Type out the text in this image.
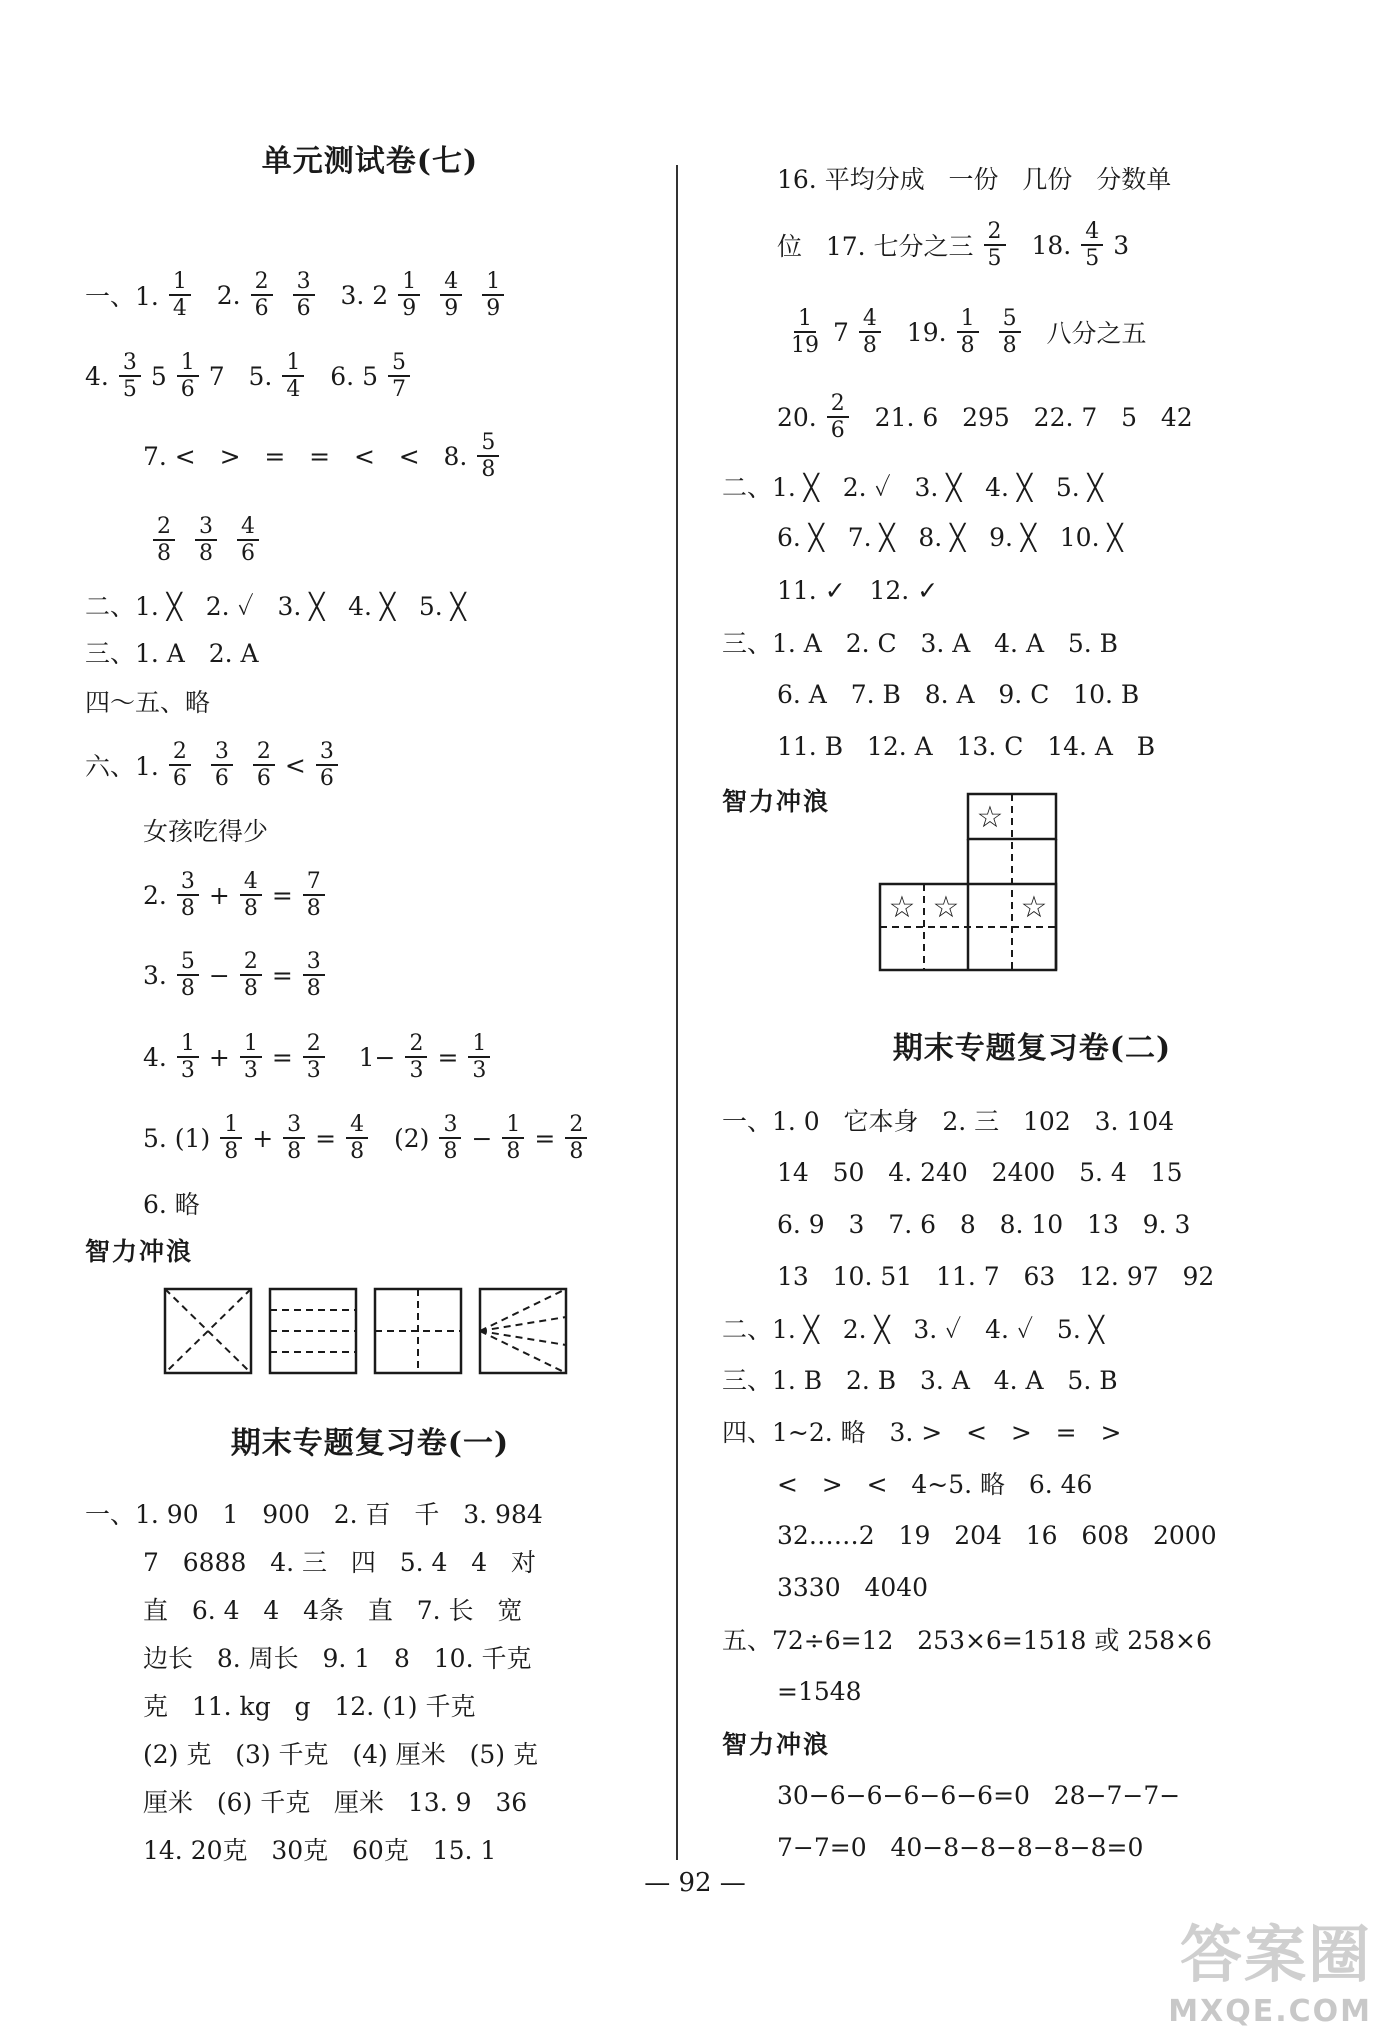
单元测试卷(七)
一、1. $\frac{1}{4} 2$. $\frac{2}{6} \frac{3}{6} 3$. $2 \frac{1}{9} \frac{4}{9} \frac{1}{9}$
4. $\frac{3}{5} 5 \frac{1}{6} 7$   5. $\frac{1}{4} 6$. $5 \frac{5}{7}$
7. <   >   =   =   <   <   8. $\frac{5}{8}$
$\frac{2}{8} \frac{3}{8} \frac{4}{6}$
二、1. ╳   2. ✓   3. ╳   4. ╳   5. ╳
三、1. A   2. A
四～五、略
六、1. $\frac{2}{6} \frac{3}{6} \frac{2}{6} < \frac{3}{6}$
女孩吃得少
2. $\frac{3}{8} + \frac{4}{8} = \frac{7}{8}$
3. $\frac{5}{8} - \frac{2}{8} = \frac{3}{8}$
4. $\frac{1}{3} + \frac{1}{3} = \frac{2}{3} 1- \frac{2}{3} = \frac{1}{3}$
5. $(1) \frac{1}{8} + \frac{3}{8} = \frac{4}{8} (2) \frac{3}{8} - \frac{1}{8} = \frac{2}{8}$
6. 略
智力冲浪
期末专题复习卷(一)
一、1. 90   1   900   2. 百   千   3. 984
7   6888   4. 三   四   5. 4   4   对
直   6. 4   4   4条   直   7. 长   宽
边长   8. 周长   9. 1   8   10. 千克
克   11. kg   g   12. (1) 千克
(2) 克   (3) 千克   (4) 厘米   (5) 克
厘米   (6) 千克   厘米   13. 9   36
14. 20克   30克   60克   15. 1
16. 平均分成   一份   几份   分数单
位   17. 七分之三 $\frac{2}{5} 18$. $\frac{4}{5} 3$
$\frac{1}{19} 7 \frac{4}{8} 19$. $\frac{1}{8} \frac{5}{8}$ 八分之五
20. $\frac{2}{6} 21$. 6   295   22. 7   5   42
二、1. ╳   2. ✓   3. ╳   4. ╳   5. ╳
6. ╳   7. ╳   8. ╳   9. ╳   10. ╳
11. ✓   12. ✓
三、1. A   2. C   3. A   4. A   5. B
6. A   7. B   8. A   9. C   10. B
11. B   12. A   13. C   14. A   B
智力冲浪	☆
☆ ☆ ☆
期末专题复习卷(二)
一、1. 0   它本身   2. 三   102   3. 104
14   50   4. 240   2400   5. 4   15
6. 9   3   7. 6   8   8. 10   13   9. 3
13   10. 51   11. 7   63   12. 97   92
二、1. ╳   2. ╳   3. ✓   4. ✓   5. ╳
三、1. B   2. B   3. A   4. A   5. B
四、1~2. 略   3. >   <   >   =   >
<   >   <   4~5. 略   6. 46
32……2   19   204   16   608   2000
3330   4040
五、72÷6=12   253×6=1518 或 258×6
=1548
智力冲浪
30−6−6−6−6−6=0   28−7−7−
7−7=0   40−8−8−8−8−8=0
— 92 —
答案圈
MXQE.COM
